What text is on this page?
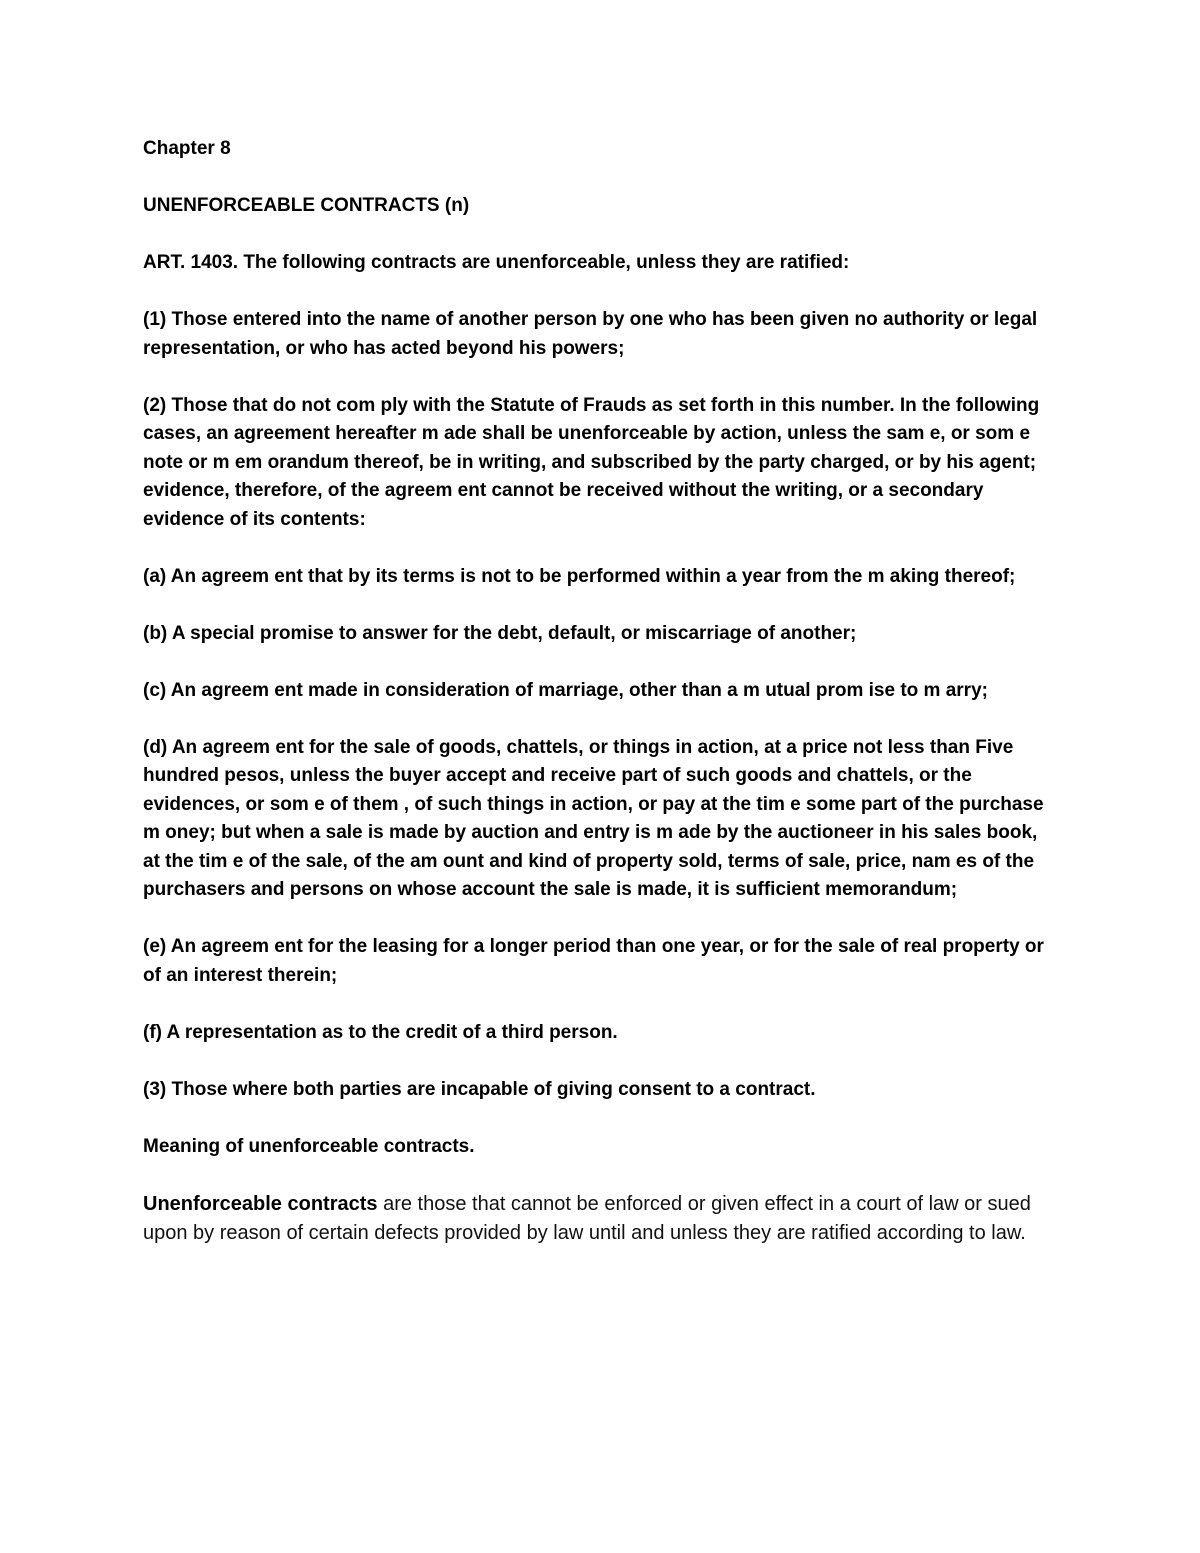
Chapter 8

UNENFORCEABLE CONTRACTS (n)

ART. 1403. The following contracts are unenforceable, unless they are ratified:

(1) Those entered into the name of another person by one who has been given no authority or legal representation, or who has acted beyond his powers;

(2) Those that do not com ply with the Statute of Frauds as set forth in this number. In the following cases, an agreement hereafter m ade shall be unenforceable by action, unless the sam e, or som e note or m em orandum thereof, be in writing, and subscribed by the party charged, or by his agent; evidence, therefore, of the agreem ent cannot be received without the writing, or a secondary evidence of its contents:

(a) An agreem ent that by its terms is not to be performed within a year from the m aking thereof;

(b) A special promise to answer for the debt, default, or miscarriage of another;

(c) An agreem ent made in consideration of marriage, other than a m utual prom ise to m arry;

(d) An agreem ent for the sale of goods, chattels, or things in action, at a price not less than Five hundred pesos, unless the buyer accept and receive part of such goods and chattels, or the evidences, or som e of them , of such things in action, or pay at the tim e some part of the purchase m oney; but when a sale is made by auction and entry is m ade by the auctioneer in his sales book, at the tim e of the sale, of the am ount and kind of property sold, terms of sale, price, nam es of the purchasers and persons on whose account the sale is made, it is sufficient memorandum;

(e) An agreem ent for the leasing for a longer period than one year, or for the sale of real property or of an interest therein;

(f) A representation as to the credit of a third person.

(3) Those where both parties are incapable of giving consent to a contract.

Meaning of unenforceable contracts.

Unenforceable contracts are those that cannot be enforced or given effect in a court of law or sued upon by reason of certain defects provided by law until and unless they are ratified according to law.
